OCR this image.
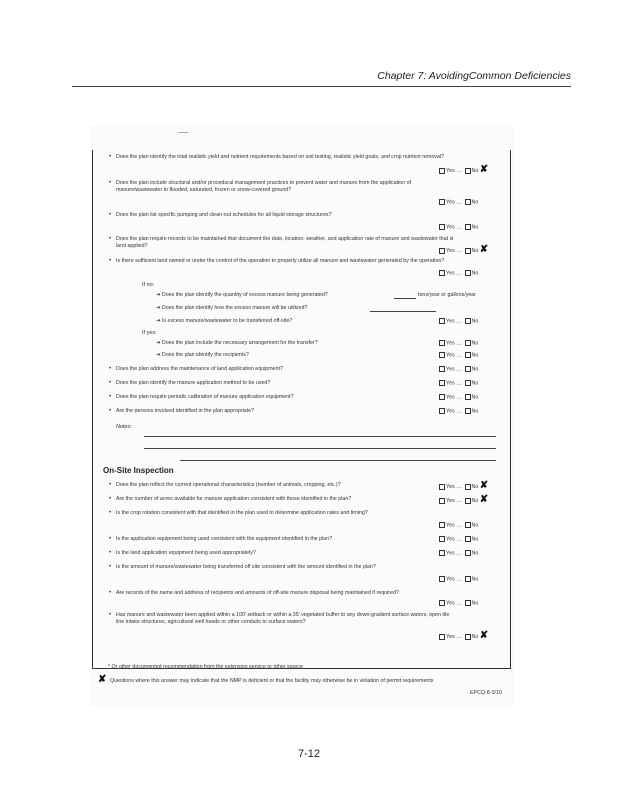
Chapter 7: AvoidingCommon Deficiencies
• Does the plan identify the total realistic yield and nutrient requirements based on soil testing, realistic yield goals, and crop nutrient removal?
Yes .... No ✘
• Does the plan include structural and/or procedural management practices to prevent water and manure from the application of manure/wastewater to flooded, saturated, frozen or snow-covered ground?
Yes .... No
• Does the plan list specific pumping and clean-out schedules for all liquid storage structures?
Yes .... No
• Does the plan require records to be maintained that document the date, location, weather, and application rate of manure and wastewater that is land applied?
Yes .... No ✘
• Is there sufficient land owned or under the control of the operation to properly utilize all manure and wastewater generated by the operation?
Yes .... No
If no:
➔ Does the plan identify the quantity of excess manure being generated?	tons/year or gallons/year
➔ Does the plan identify how the excess manure will be utilized?
➔ Is excess manure/wastewater to be transferred off-site?	Yes .... No
If yes:
➔ Does the plan include the necessary arrangement for the transfer?	Yes .... No
➔ Does the plan identify the recipients?	Yes .... No
• Does the plan address the maintenance of land application equipment?	Yes .... No
• Does the plan identify the manure application method to be used?	Yes .... No
• Does the plan require periodic calibration of manure application equipment?	Yes .... No
• Are the persons involved identified in the plan appropriate?	Yes .... No
Notes:
On-Site Inspection
• Does the plan reflect the current operational characteristics (number of animals, cropping, etc.)?	Yes .... No ✘
• Are the number of acres available for manure application consistent with those identified in the plan?	Yes .... No ✘
• Is the crop rotation consistent with that identified in the plan used to determine application rates and timing?
Yes .... No
• Is the application equipment being used consistent with the equipment identified in the plan?	Yes .... No
• Is the land application equipment being used appropriately?	Yes .... No
• Is the amount of manure/wastewater being transferred off site consistent with the amount identified in the plan?
Yes .... No
• Are records of the name and address of recipients and amounts of off-site manure disposal being maintained if required?
Yes .... No
• Has manure and wastewater been applied within a 100' setback or within a 35' vegetated buffer to any down-gradient surface waters, open tile line intake structures, agricultural well heads or other conduits to surface waters?
Yes .... No ✘
* Or other documented recommendation from the extension service or other source
✘ Questions where this answer may indicate that the NMP is deficient or that the facility may otherwise be in violation of permit requirements
EPCQ-8-3/10
7-12
